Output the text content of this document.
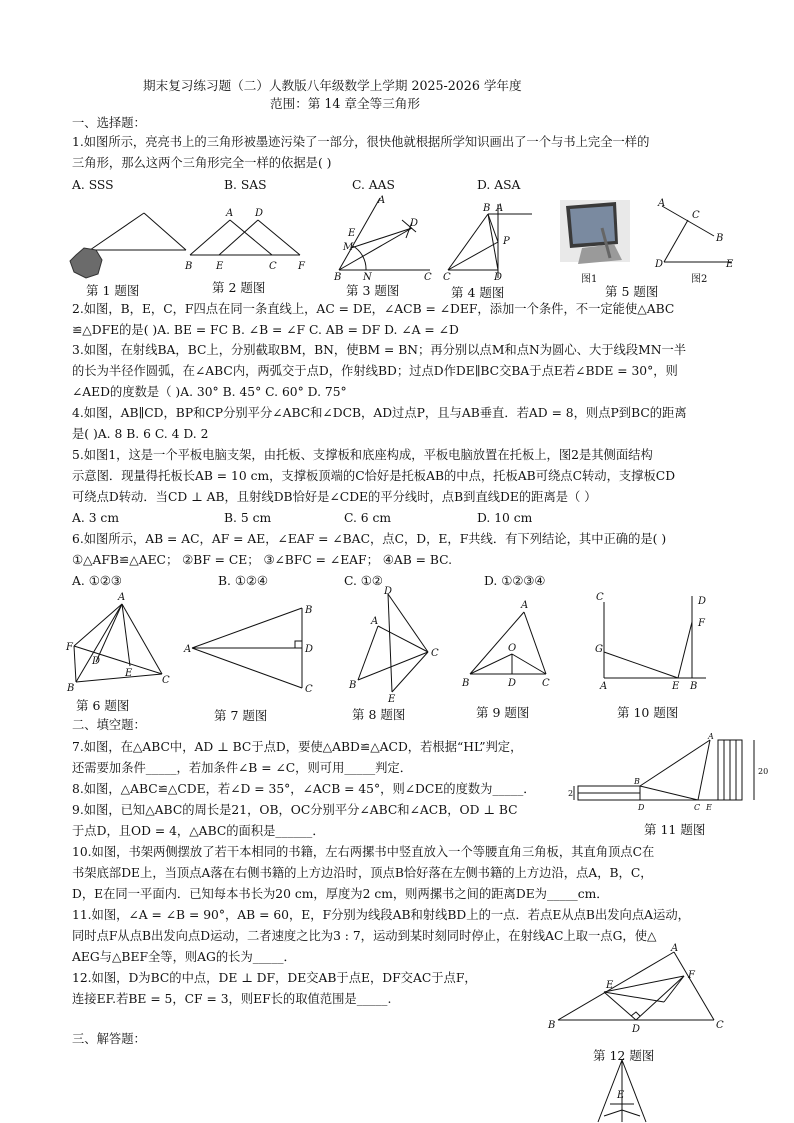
期末复习练习题（二）人教版八年级数学上学期 2025-2026 学年度
范围：第 14 章全等三角形
一、选择题：
1.如图所示，亮亮书上的三角形被墨迹污染了一部分，很快他就根据所学知识画出了一个与书上完全一样的
三角形，那么这两个三角形完全一样的依据是( )
A. SSS	B. SAS	C. AAS	D. ASA
A D
B E	C F
A
E
M
D
B N	C
B A
P
C	D
A
C
B
D	E
第 1 题图	第 2 题图	第 3 题图	第 4 题图
图1
第 5 题图
图2
2.如图，B，E，C，F四点在同一条直线上，AC = DE，∠ACB = ∠DEF，添加一个条件，不一定能使△ABC
≌△DFE的是( )A. BE = FC B. ∠B = ∠F C. AB = DF D. ∠A = ∠D
3.如图，在射线BA，BC上，分别截取BM，BN，使BM = BN；再分别以点M和点N为圆心、大于线段MN一半
的长为半径作圆弧，在∠ABC内，两弧交于点D，作射线BD；过点D作DE∥BC交BA于点E若∠BDE = 30°，则
∠AED的度数是（ )A. 30° B. 45° C. 60° D. 75°
4.如图，AB∥CD，BP和CP分别平分∠ABC和∠DCB，AD过点P，且与AB垂直．若AD = 8，则点P到BC的距离
是( )A. 8 B. 6 C. 4 D. 2
5.如图1，这是一个平板电脑支架，由托板、支撑板和底座构成，平板电脑放置在托板上，图2是其侧面结构
示意图．现量得托板长AB = 10 cm，支撑板顶端的C恰好是托板AB的中点，托板AB可绕点C转动，支撑板CD
可绕点D转动．当CD ⊥ AB，且射线DB恰好是∠CDE的平分线时，点B到直线DE的距离是（ ）
A. 3 cm	B. 5 cm	C. 6 cm	D. 10 cm
6.如图所示，AB = AC，AF = AE，∠EAF = ∠BAC，点C，D，E，F共线．有下列结论，其中正确的是( )
①△AFB≌△AEC； ②BF = CE； ③∠BFC = ∠EAF； ④AB = BC.
A. ①②③	B. ①②④	C. ①②	D. ①②③④
A
F
D
E
B
C
A
B
D
C
D
A
C
B
E
A
O
B	D	C
C	D
F
G
A	E B
第 6 题图
第 7 题图	第 8 题图	第 9 题图	第 10 题图
二、填空题：
7.如图，在△ABC中，AD ⊥ BC于点D，要使△ABD≌△ACD，若根据“HL”判定，
还需要加条件_____，若加条件∠B = ∠C，则可用_____判定．
8.如图，△ABC≌△CDE，若∠D = 35°，∠ACB = 45°，则∠DCE的度数为_____．
9.如图，已知△ABC的周长是21，OB，OC分别平分∠ABC和∠ACB，OD ⊥ BC
于点D，且OD = 4，△ABC的面积是______．
2
20
A
B
D	C E
第 11 题图
10.如图，书架两侧摆放了若干本相同的书籍，左右两摞书中竖直放入一个等腰直角三角板，其直角顶点C在
书架底部DE上，当顶点A落在右侧书籍的上方边沿时，顶点B恰好落在左侧书籍的上方边沿，点A，B，C，
D，E在同一平面内．已知每本书长为20 cm，厚度为2 cm，则两摞书之间的距离DE为_____cm．
11.如图，∠A = ∠B = 90°，AB = 60，E，F分别为线段AB和射线BD上的一点．若点E从点B出发向点A运动，
同时点F从点B出发向点D运动，二者速度之比为3 : 7，运动到某时刻同时停止，在射线AC上取一点G，使△
AEG与△BEF全等，则AG的长为_____．
12.如图，D为BC的中点，DE ⊥ DF，DE交AB于点E，DF交AC于点F，
连接EF.若BE = 5，CF = 3，则EF长的取值范围是_____.
A
E
F
B	D	C
第 12 题图
三、解答题：
E
